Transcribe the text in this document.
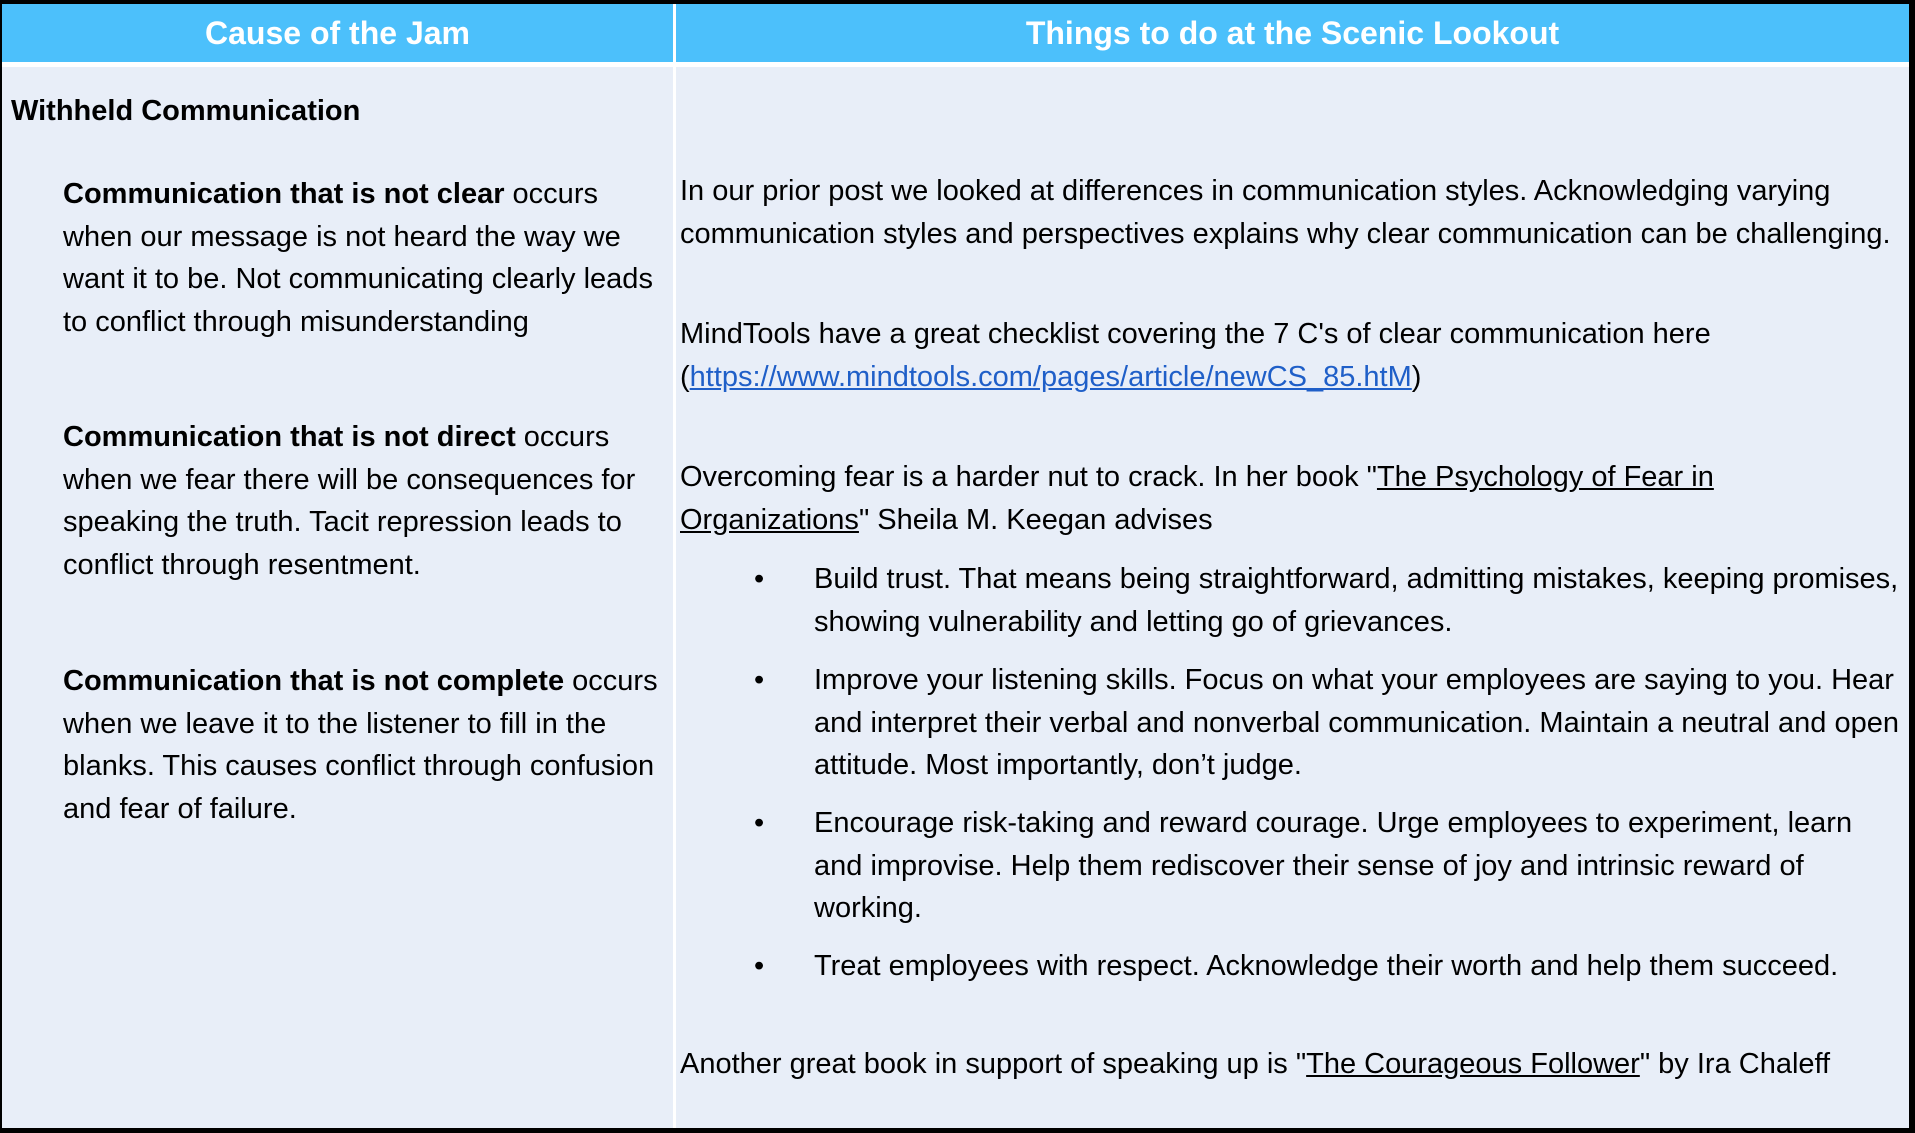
Cause of the Jam	Things to do at the Scenic Lookout
Withheld Communication
Communication that is not clear occurs when our message is not heard the way we want it to be. Not communicating clearly leads to conflict through misunderstanding
Communication that is not direct occurs when we fear there will be consequences for speaking the truth. Tacit repression leads to conflict through resentment.
Communication that is not complete occurs when we leave it to the listener to fill in the blanks. This causes conflict through confusion and fear of failure.
In our prior post we looked at differences in communication styles. Acknowledging varying communication styles and perspectives explains why clear communication can be challenging.
MindTools have a great checklist covering the 7 C's of clear communication here (https://www.mindtools.com/pages/article/newCS_85.htM)
Overcoming fear is a harder nut to crack. In her book "The Psychology of Fear in Organizations" Sheila M. Keegan advises
• Build trust. That means being straightforward, admitting mistakes, keeping promises, showing vulnerability and letting go of grievances.
• Improve your listening skills. Focus on what your employees are saying to you. Hear and interpret their verbal and nonverbal communication. Maintain a neutral and open attitude. Most importantly, don’t judge.
• Encourage risk-taking and reward courage. Urge employees to experiment, learn and improvise. Help them rediscover their sense of joy and intrinsic reward of working.
• Treat employees with respect. Acknowledge their worth and help them succeed.
Another great book in support of speaking up is "The Courageous Follower" by Ira Chaleff
